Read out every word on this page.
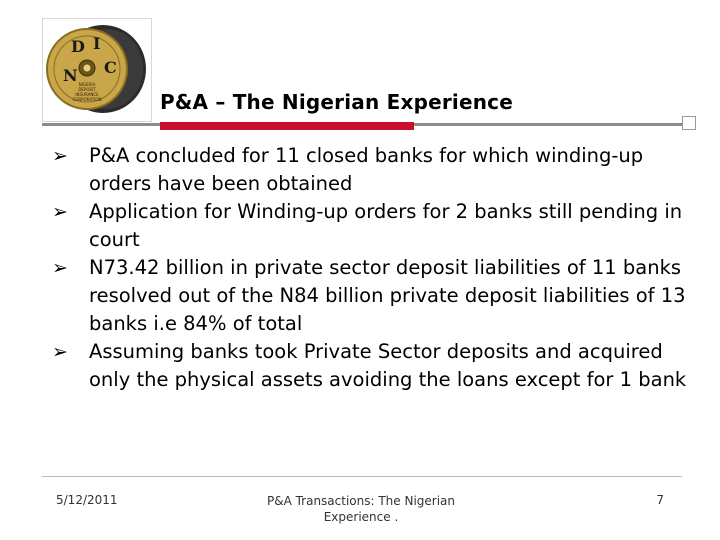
N
D I
C
NIGERIA
DEPOSIT
INSURANCE
CORPORATION	P&A – The Nigerian Experience
➢ P&A concluded for 11 closed banks for which winding-up orders have been obtained
➢ Application for Winding-up orders for 2 banks still pending in court
➢ N73.42 billion in private sector deposit liabilities of 11 banks resolved out of the N84 billion private deposit liabilities of 13 banks i.e 84% of total
➢ Assuming banks took Private Sector deposits and acquired only the physical assets avoiding the loans except for 1 bank
5/12/2011	P&A Transactions: The Nigerian
Experience .
7
